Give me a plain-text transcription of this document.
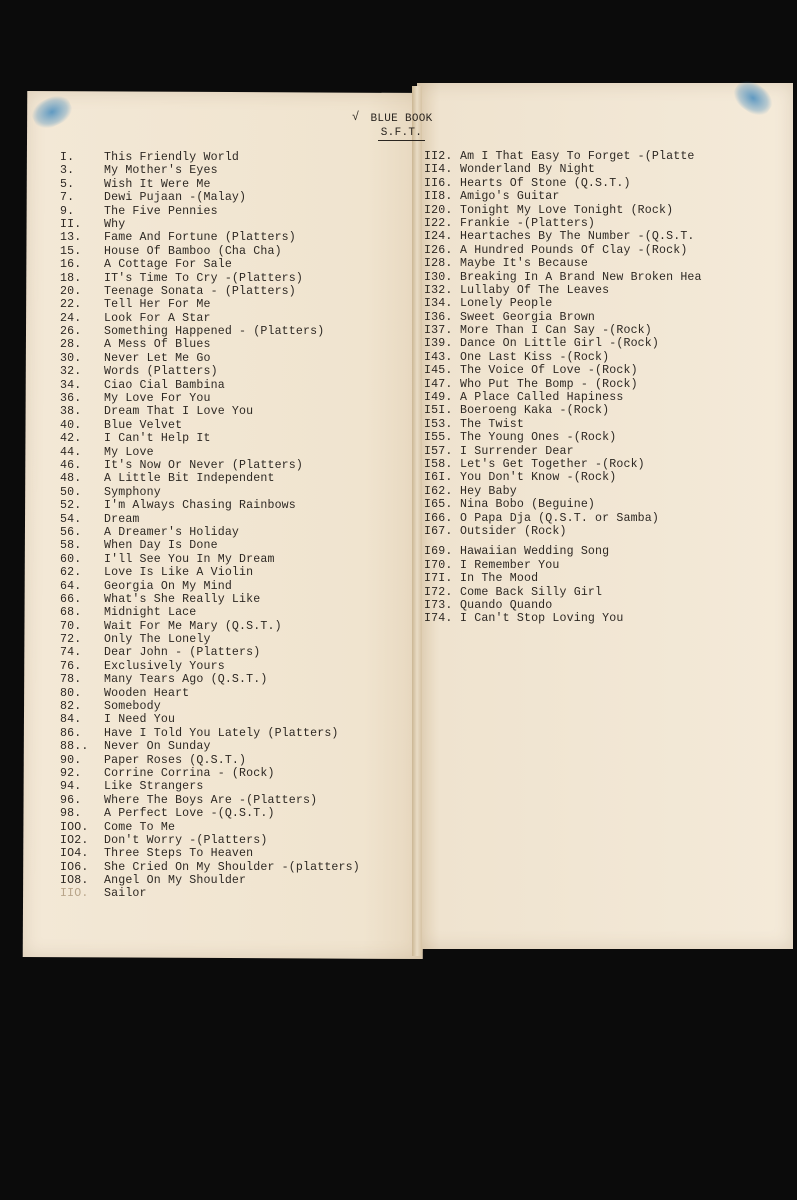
√ BLUE BOOK
S.F.T.
I.	This Friendly World
3.	My Mother's Eyes
5.	Wish It Were Me
7.	Dewi Pujaan -(Malay)
9.	The Five Pennies
II. Why
13. Fame And Fortune (Platters)
15. House Of Bamboo (Cha Cha)
16. A Cottage For Sale
18. IT's Time To Cry -(Platters)
20. Teenage Sonata - (Platters)
22. Tell Her For Me
24. Look For A Star
26. Something Happened - (Platters)
28. A Mess Of Blues
30. Never Let Me Go
32. Words (Platters)
34. Ciao Cial Bambina
36. My Love For You
38. Dream That I Love You
40. Blue Velvet
42. I Can't Help It
44. My Love
46. It's Now Or Never (Platters)
48. A Little Bit Independent
50. Symphony
52. I'm Always Chasing Rainbows
54. Dream
56. A Dreamer's Holiday
58. When Day Is Done
60. I'll See You In My Dream
62. Love Is Like A Violin
64. Georgia On My Mind
66. What's She Really Like
68. Midnight Lace
70. Wait For Me Mary (Q.S.T.)
72. Only The Lonely
74. Dear John - (Platters)
76. Exclusively Yours
78. Many Tears Ago (Q.S.T.)
80. Wooden Heart
82. Somebody
84. I Need You
86. Have I Told You Lately (Platters)
88.. Never On Sunday
90. Paper Roses (Q.S.T.)
92. Corrine Corrina - (Rock)
94. Like Strangers
96. Where The Boys Are -(Platters)
98. A Perfect Love -(Q.S.T.)
IOO. Come To Me
IO2. Don't Worry -(Platters)
IO4. Three Steps To Heaven
IO6. She Cried On My Shoulder -(platters)
IO8. Angel On My Shoulder
IIO. Sailor
II2. Am I That Easy To Forget -(Platte
II4. Wonderland By Night
II6. Hearts Of Stone (Q.S.T.)
II8. Amigo's Guitar
I20. Tonight My Love Tonight (Rock)
I22. Frankie -(Platters)
I24. Heartaches By The Number -(Q.S.T.
I26. A Hundred Pounds Of Clay -(Rock)
I28. Maybe It's Because
I30. Breaking In A Brand New Broken Hea
I32. Lullaby Of The Leaves
I34. Lonely People
I36. Sweet Georgia Brown
I37. More Than I Can Say -(Rock)
I39. Dance On Little Girl -(Rock)
I43. One Last Kiss -(Rock)
I45. The Voice Of Love -(Rock)
I47. Who Put The Bomp - (Rock)
I49. A Place Called Hapiness
I5I. Boeroeng Kaka -(Rock)
I53. The Twist
I55. The Young Ones -(Rock)
I57. I Surrender Dear
I58. Let's Get Together -(Rock)
I6I. You Don't Know -(Rock)
I62. Hey Baby
I65. Nina Bobo (Beguine)
I66. O Papa Dja (Q.S.T. or Samba)
I67. Outsider (Rock)
I69. Hawaiian Wedding Song
I70. I Remember You
I7I. In The Mood
I72. Come Back Silly Girl
I73. Quando Quando
I74. I Can't Stop Loving You
